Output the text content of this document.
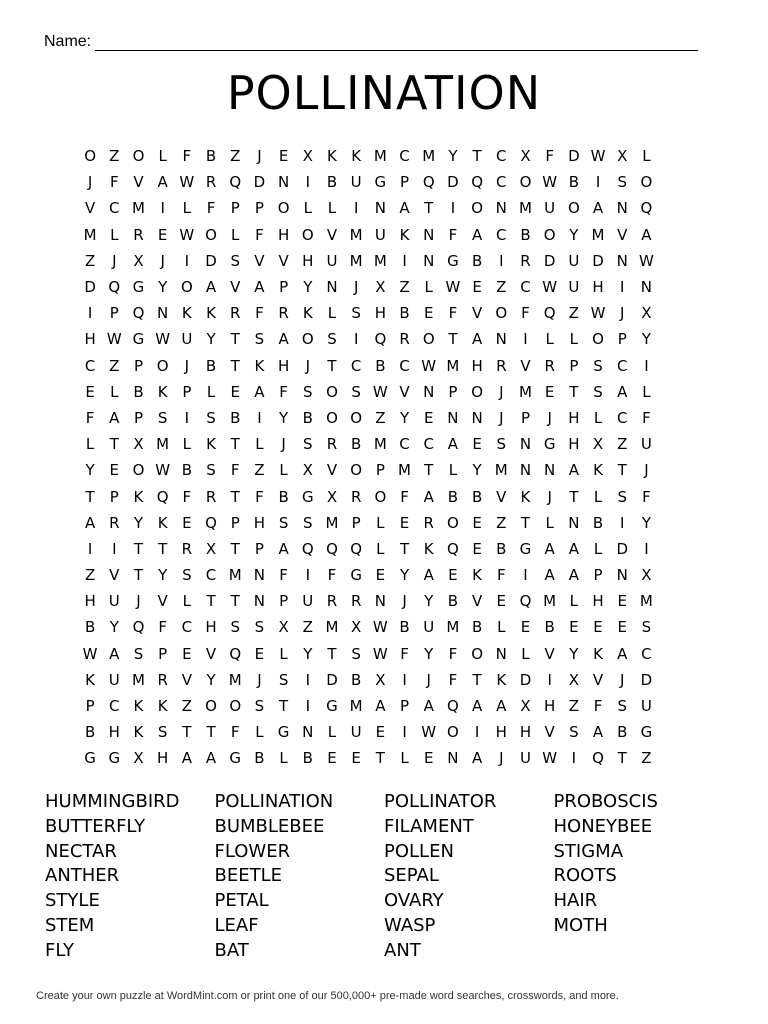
Name:
POLLINATION
O Z O L	F B Z	J	E X K K M C M Y	T C X F D W X L
J	F V A W R Q D N	I	B U G P Q D Q C O W B	I	S O
V C M	I	L	F	P	P O L	L	I	N A T	I	O N M U O A N Q
M L R E W O L	F H O V M U K N F A C B O Y M V A
Z	J	X	J	I	D S V V H U M M	I	N G B	I	R D U D N W
D Q G Y O A V A P	Y N	J	X Z L W E Z C W U H	I	N
I	P Q N K K R F R K	L	S H B E	F V O F Q Z W J	X
H W G W U Y	T S A O S	I	Q R O T A N	I	L	L O P	Y
C Z P O	J	B T K H	J	T C B C W M H R V R P S C	I
E	L B K P	L	E A F	S O S W V N P O	J	M E T S A L
F A P S	I	S B	I	Y B O O Z Y E N N	J	P	J	H L C F
L	T X M L	K T	L	J	S R B M C C A E S N G H X Z U
Y E O W B S	F Z L X V O P M T	L	Y M N N A K T	J
T	P K Q F R T	F B G X R O F A B B V K	J	T	L	S	F
A R Y K E Q P H S S M P	L	E R O E Z T	L N B	I	Y
I	I	T	T R X T	P A Q Q Q L	T K Q E B G A A L D	I
Z V T	Y S C M N F	I	F G E Y A E K F	I	A A P N X
H U	J	V L	T	T N P U R R N	J	Y B V E Q M L H E M
B Y Q F C H S S X Z M X W B U M B L	E B E E E S
W A S P E V Q E	L	Y	T S W F	Y	F O N L V Y K A C
K U M R V Y M	J	S	I	D B X	I	J	F	T K D	I	X V	J	D
P C K K Z O O S T	I	G M A P A Q A A X H Z F	S U
B H K S T	T	F	L G N L U E	I W O	I	H H V S A B G
G G X H A A G B L B E E T	L	E N A	J	U W I	Q T Z
HUMMINGBIRD
BUTTERFLY
NECTAR
ANTHER
STYLE
STEM
FLY
POLLINATION
BUMBLEBEE
FLOWER
BEETLE
PETAL
LEAF
BAT
POLLINATOR
FILAMENT
POLLEN
SEPAL
OVARY
WASP
ANT
PROBOSCIS
HONEYBEE
STIGMA
ROOTS
HAIR
MOTH
Create your own puzzle at WordMint.com or print one of our 500,000+ pre-made word searches, crosswords, and more.
